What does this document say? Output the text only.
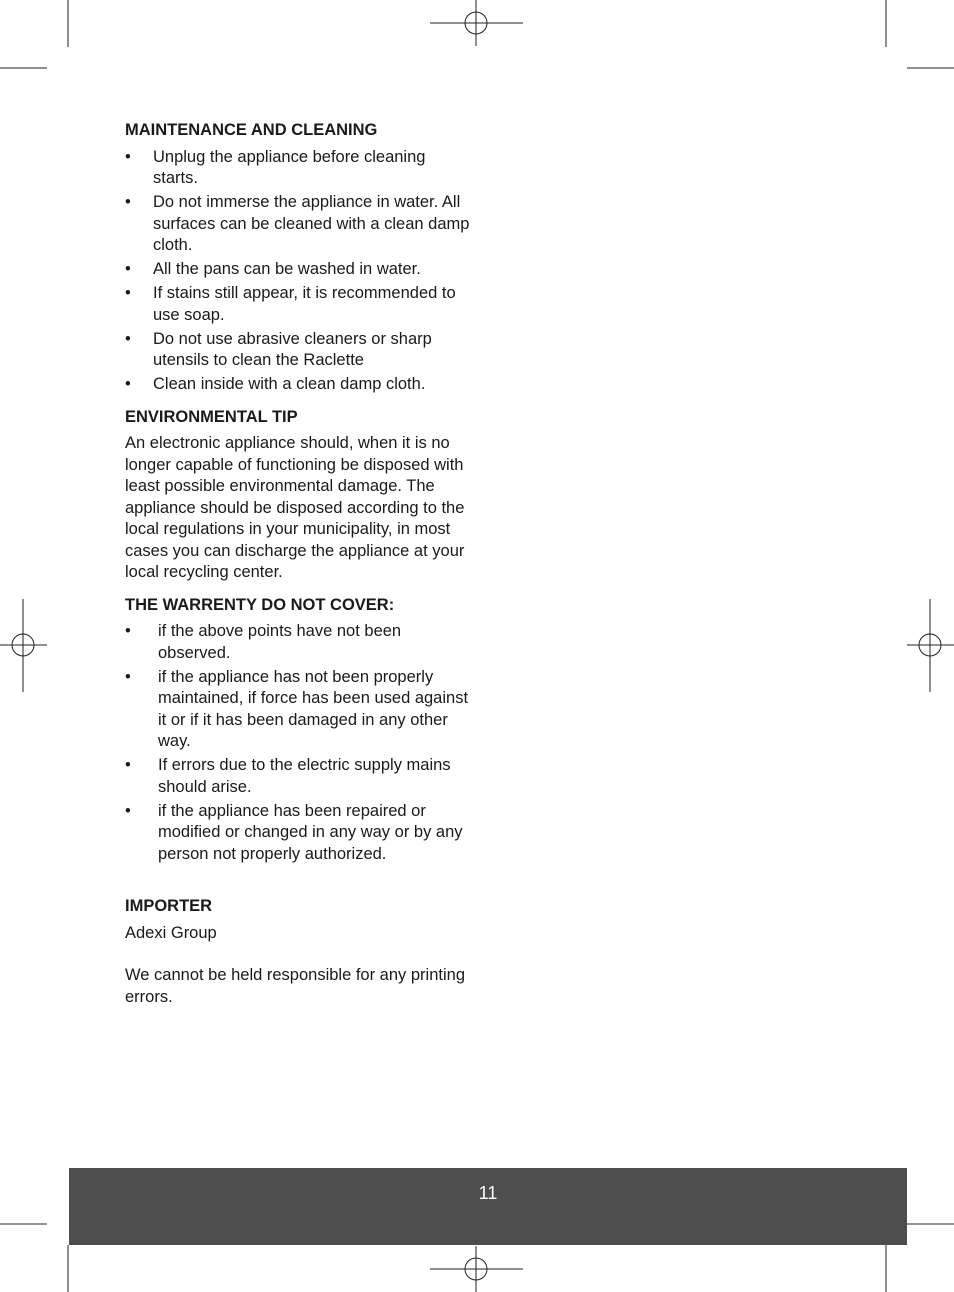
MAINTENANCE AND CLEANING
• Unplug the appliance before cleaning starts.
• Do not immerse the appliance in water. All surfaces can be cleaned with a clean damp cloth.
• All the pans can be washed in water.
• If stains still appear, it is recommended to use soap.
• Do not use abrasive cleaners or sharp utensils to clean the Raclette
• Clean inside with a clean damp cloth.
ENVIRONMENTAL TIP

An electronic appliance should, when it is no longer capable of functioning be disposed with least possible environmental damage. The appliance should be disposed according to the local regulations in your municipality, in most cases you can discharge the appliance at your local recycling center.

THE WARRENTY DO NOT COVER:
• if the above points have not been observed.
• if the appliance has not been properly maintained, if force has been used against it or if it has been damaged in any other way.
• If errors due to the electric supply mains should arise.
• if the appliance has been repaired or modified or changed in any way or by any person not properly authorized.
IMPORTER

Adexi Group

We cannot be held responsible for any printing errors.

11
